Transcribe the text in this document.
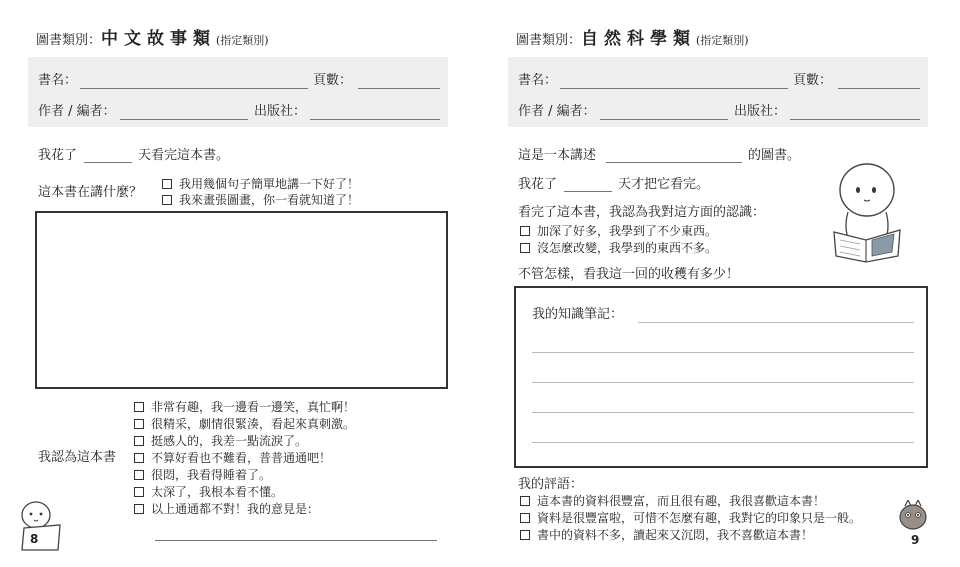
圖書類別：中文故事類(指定類別)
書名：	頁數：
作者 / 編者：	出版社：
我花了	天看完這本書。
這本書在講什麼？
我用幾個句子簡單地講一下好了！
我來畫張圖畫，你一看就知道了！
我認為這本書
非常有趣，我一邊看一邊笑，真忙啊！
很精采，劇情很緊湊，看起來真刺激。
挺感人的，我差一點流淚了。
不算好看也不難看，普普通通吧！
很悶，我看得睡着了。
太深了，我根本看不懂。
以上通通都不對！我的意見是：
8
圖書類別：自然科學類(指定類別)
書名：	頁數：
作者 / 編者：	出版社：
這是一本講述	的圖書。
我花了	天才把它看完。
看完了這本書，我認為我對這方面的認識：
加深了好多，我學到了不少東西。
沒怎麼改變，我學到的東西不多。
不管怎樣，看我這一回的收穫有多少！
我的知識筆記：
我的評語：
這本書的資料很豐富，而且很有趣，我很喜歡這本書！
資料是很豐富啦，可惜不怎麼有趣，我對它的印象只是一般。
書中的資料不多，讀起來又沉悶，我不喜歡這本書！	9
